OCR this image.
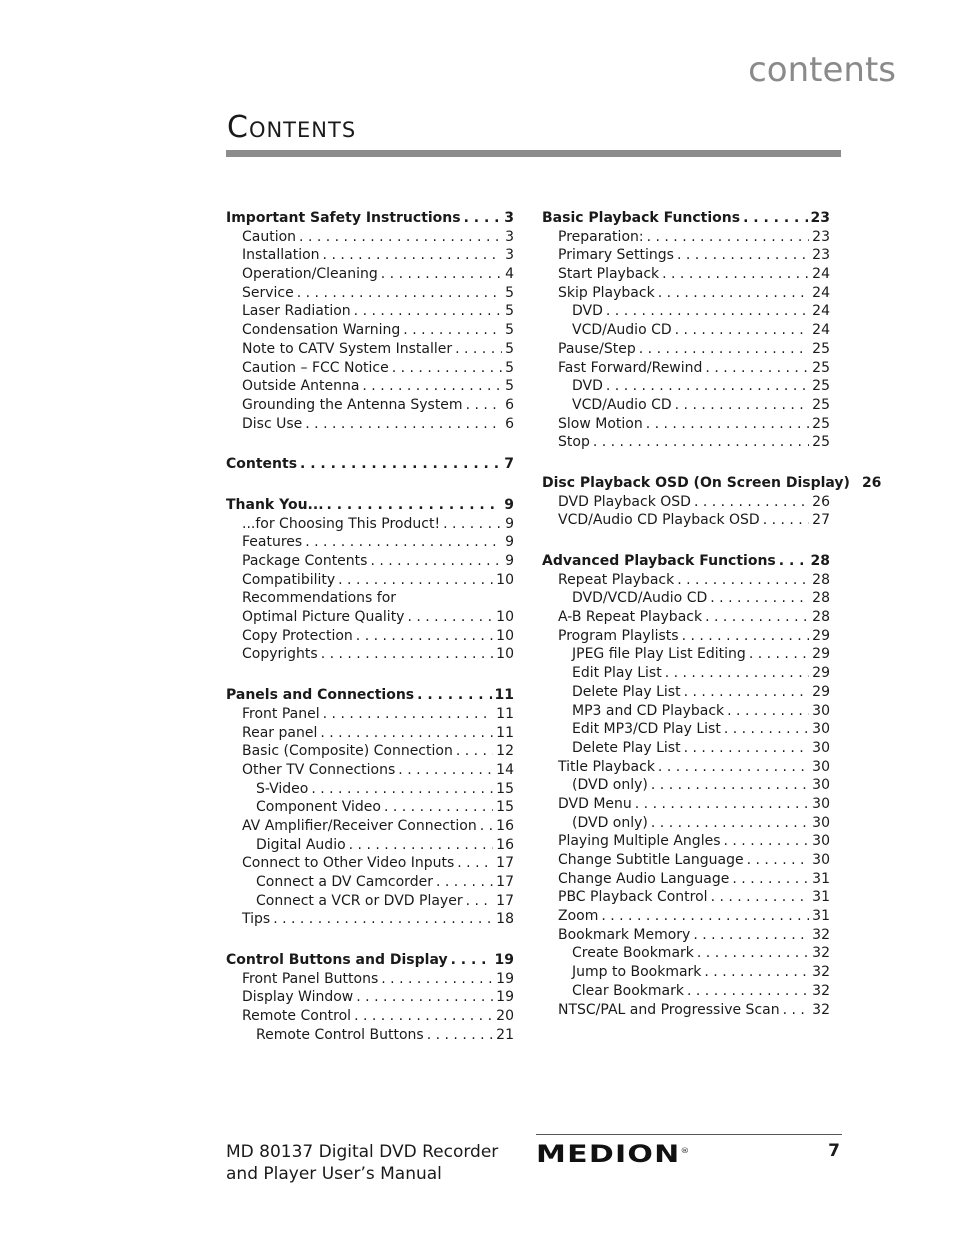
contents
Contents
Important Safety Instructions . . .	3
Caution . . .	3
Installation . . .	3
Operation/Cleaning . . .	4
Service . . .	5
Laser Radiation . . .	5
Condensation Warning . . .	5
Note to CATV System Installer . . .	5
Caution – FCC Notice . . .	5
Outside Antenna . . .	5
Grounding the Antenna System . . .	6
Disc Use . . .	6
Contents . . .	7
Thank You... . . .	9
...for Choosing This Product! . . .	9
Features . . .	9
Package Contents . . .	9
Compatibility . . .	10
Recommendations for
Optimal Picture Quality . . .	10
Copy Protection . . .	10
Copyrights . . .	10
Panels and Connections . . .	11
Front Panel . . .	11
Rear panel . . .	11
Basic (Composite) Connection . . .	12
Other TV Connections . . .	14
S-Video . . .	15
Component Video . . .	15
AV Amplifier/Receiver Connection . . . 16
Digital Audio . . .	16
Connect to Other Video Inputs . . .	17
Connect a DV Camcorder . . .	17
Connect a VCR or DVD Player . . . 17
Tips . . .	18
Control Buttons and Display . . .	19
Front Panel Buttons . . .	19
Display Window . . .	19
Remote Control . . .	20
Remote Control Buttons . . .	21
Basic Playback Functions . . .	23
Preparation: . . .	23
Primary Settings . . .	23
Start Playback . . .	24
Skip Playback . . .	24
DVD . . .	24
VCD/Audio CD . . .	24
Pause/Step . . .	25
Fast Forward/Rewind . . .	25
DVD . . .	25
VCD/Audio CD . . .	25
Slow Motion . . .	25
Stop . . .	25
Disc Playback OSD (On Screen Display) 26
DVD Playback OSD . . .	26
VCD/Audio CD Playback OSD . . .	27
Advanced Playback Functions . . . 28
Repeat Playback . . .	28
DVD/VCD/Audio CD . . .	28
A-B Repeat Playback . . .	28
Program Playlists . . .	29
JPEG file Play List Editing . . .	29
Edit Play List . . .	29
Delete Play List . . .	29
MP3 and CD Playback . . .	30
Edit MP3/CD Play List . . .	30
Delete Play List . . .	30
Title Playback . . .	30
(DVD only) . . .	30
DVD Menu . . .	30
(DVD only) . . .	30
Playing Multiple Angles . . .	30
Change Subtitle Language . . .	30
Change Audio Language . . .	31
PBC Playback Control . . .	31
Zoom . . .	31
Bookmark Memory . . .	32
Create Bookmark . . .	32
Jump to Bookmark . . .	32
Clear Bookmark . . .	32
NTSC/PAL and Progressive Scan . . . 32
MD 80137 Digital DVD Recorder
and Player User’s Manual
MEDION®	7
